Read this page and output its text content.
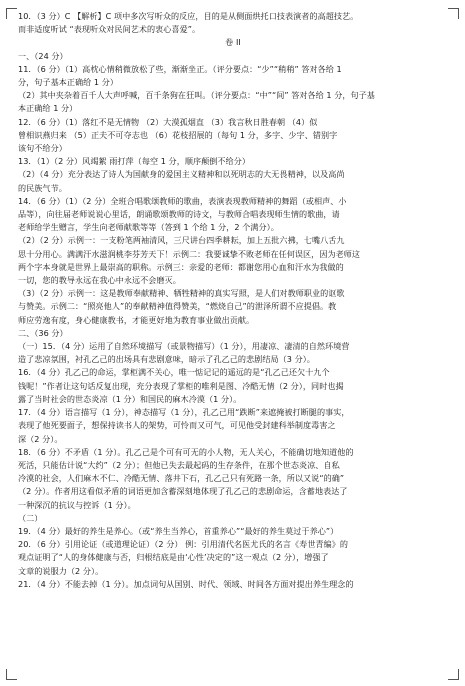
10．（3 分）C 【解析】C 项中多次写听众的反应，目的是从侧面烘托口技表演者的高超技艺。

而非适度听试 “表现听众对民间艺术的衷心喜爱”。

卷 II

一、（24 分）

11．（6 分）（1）高枕心情稍微放松了些，渐渐坐正。（评分要点：“少”“稍稍” 答对各给 1

分，句子基本正确给 1 分）

（2）其中夹杂着百千人大声呼喊，百千条狗在狂叫。（评分要点：“中”“间” 答对各给 1 分，句子基

本正确给 1 分）

12．（6 分）（1）落红不是无情物 （2）大漠孤烟直 （3）我言秋日胜春朝 （4）似

曾相识燕归来 （5）正夫不可夺志也 （6）花枝招展的（每句 1 分，多字、少字、错别字

该句不给分）

13．（1）（2 分）风竭絮 雨打萍（每空 1 分，顺序颠倒不给分）

（2）（4 分）充分表达了诗人为国献身的爱国主义精神和以死明志的大无畏精神，以及高尚

的民族气节。

14．（6 分）（1）（2 分）全班合唱歌颂教师的歌曲，表演表现教师精神的舞蹈（或相声、小

品等），向往届老师说说心里话，朗诵歌颂教师的诗文，与教师合唱表现师生情的歌曲，请

老师给学生赠言，学生向老师献歌等等（答到 1 个给 1 分，2 个满分）。

（2）（2 分）示例一：一支粉笔两袖清风，三尺讲台四季耕耘，加上五批六拂，七嘴八舌九

思十分用心。满满汗水滋润桃李芬芳天下！示例二：我要诚挚不败老师在任何误区，因为老师这

两个字本身就是世界上最崇高的职称。示例三：亲爱的老师：都谢您用心血和汗水为我做的

一切，您的教导永远在我心中永远不会磨灭。

（3）（2 分）示例一：这是教师奉献精神、牺牲精神的真实写照，是人们对教师职业的讴歌

与赞美。示例二：“照亮他人”的奉献精神值得赞美，“燃烧自己”的泄泽所谓不应提倡。教

师应劳逸有度，身心健康教书，才能更好地为教育事业做出贡献。

二、（36 分）

（一）15．（4 分）运用了自然环境描写（或景物描写）（1 分），用凄凉、凄清的自然环境营

造了悲凉氛围，衬孔乙己的出场具有悲剧意味，暗示了孔乙己的悲剧结局（3 分）。

16．（4 分）孔乙己的命运，掌柜满不关心，唯一惦记记的遥远的是“孔乙己还欠十九个

钱呢！”作者让这句话反复出现，充分表现了掌柜的唯利是图、冷酷无情（2 分），同时也揭

露了当时社会的世态炎凉（1 分）和国民的麻木冷漠（1 分）。

17．（4 分）语言描写（1 分），神态描写（1 分），孔乙己用“跌断”来遮掩被打断腿的事实，

表现了他死要面子，想保持读书人的架势，可怜而又可气，可见他受封建科举制度毒害之

深（2 分）。

18．（6 分）不矛盾（1 分）。孔乙己是个可有可无的小人物，无人关心，不能确切地知道他的

死活，只能估计说“大约”（2 分）；但他已失去最起码的生存条件，在那个世态炎凉、自私

冷漠的社会，人们麻木不仁、冷酷无情、落井下石，孔乙己只有死路一条，所以又说“的确”

（2 分）。作者用这看似矛盾的词语更加含蓄深刻地体现了孔乙己的悲剧命运，含蓄地表达了

一种深沉的抗议与控诉（1 分）。

（二）

19．（4 分）最好的养生是养心。（或“养生当养心，首重养心”“最好的养生莫过于养心”）

20．（6 分）引用论证（或道理论证）（2 分） 例：引用清代名医尤氏的名言《寿世青编》的

观点证明了“人的身体健康与否，归根结底是由‘心性’决定的”这一观点（2 分），增强了

文章的说服力（2 分）。

21．（4 分）不能去掉（1 分）。加点词句从国别、时代、领域、时间各方面对提出养生理念的
